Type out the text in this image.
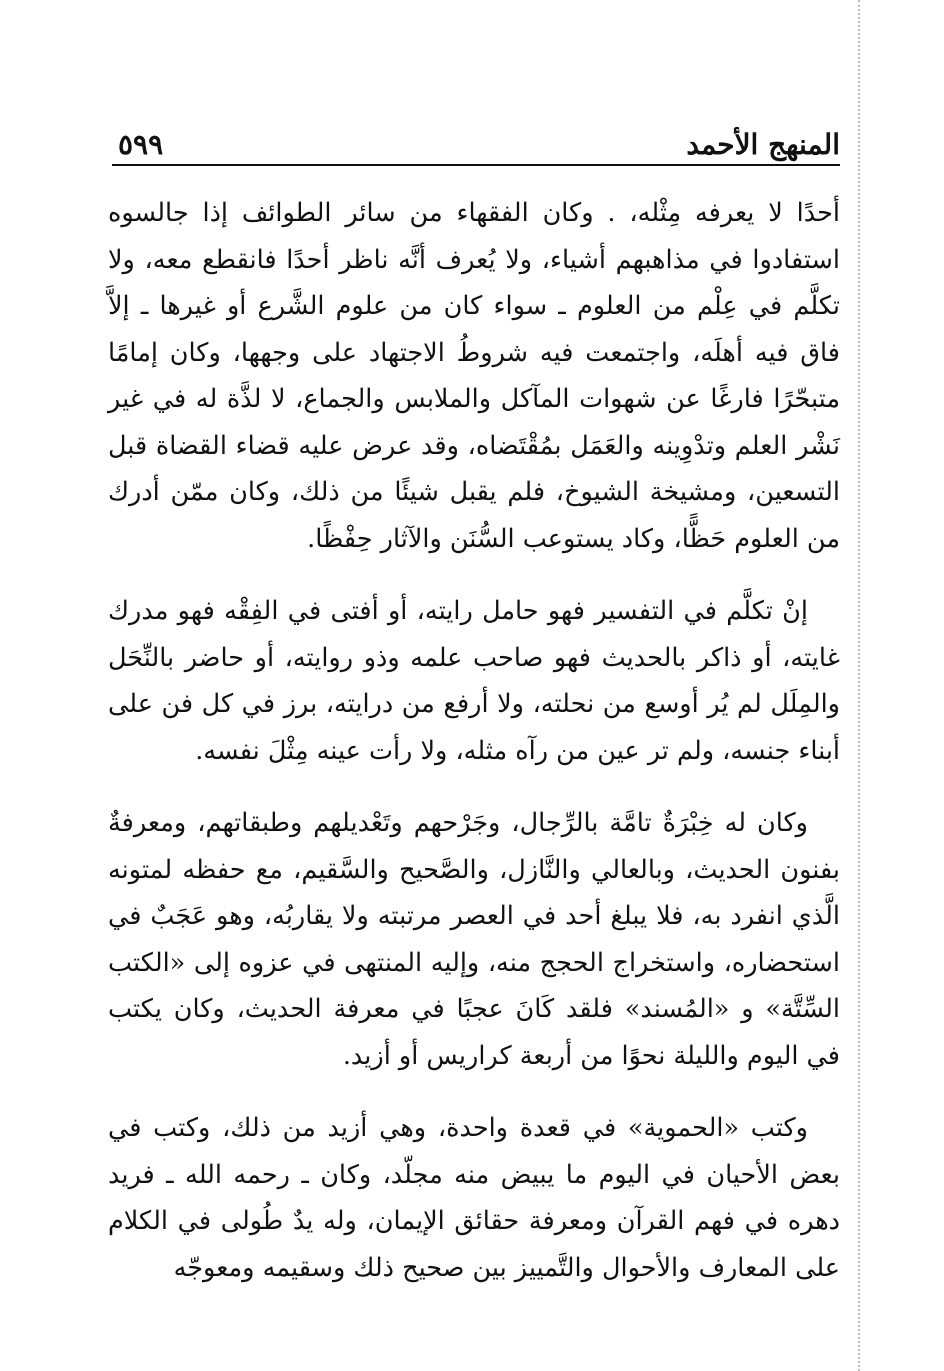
المنهج الأحمد
٥٩٩

أحدًا لا يعرفه مِثْله، . وكان الفقهاء من سائر الطوائف إذا جالسوه استفادوا في مذاهبهم أشياء، ولا يُعرف أنَّه ناظر أحدًا فانقطع معه، ولا تكلَّم في عِلْم من العلوم ـ سواء كان من علوم الشَّرع أو غيرها ـ إلاَّ فاق فيه أهلَه، واجتمعت فيه شروطُ الاجتهاد على وجهها، وكان إمامًا متبحّرًا فارغًا عن شهوات المآكل والملابس والجماع، لا لذَّة له في غير نَشْر العلم وتدْوِينه والعَمَل بمُقْتَضاه، وقد عرض عليه قضاء القضاة قبل التسعين، ومشيخة الشيوخ، فلم يقبل شيئًا من ذلك، وكان ممّن أدرك من العلوم حَظًّا، وكاد يستوعب السُّنَن والآثار حِفْظًا.

إنْ تكلَّم في التفسير فهو حامل رايته، أو أفتى في الفِقْه فهو مدرك غايته، أو ذاكر بالحديث فهو صاحب علمه وذو روايته، أو حاضر بالنِّحَل والمِلَل لم يُر أوسع من نحلته، ولا أرفع من درايته، برز في كل فن على أبناء جنسه، ولم تر عين من رآه مثله، ولا رأت عينه مِثْلَ نفسه.

وكان له خِبْرَةٌ تامَّة بالرِّجال، وجَرْحهم وتَعْديلهم وطبقاتهم، ومعرفةٌ بفنون الحديث، وبالعالي والنَّازل، والصَّحيح والسَّقيم، مع حفظه لمتونه الَّذي انفرد به، فلا يبلغ أحد في العصر مرتبته ولا يقاربُه، وهو عَجَبٌ في استحضاره، واستخراج الحجج منه، وإليه المنتهى في عزوه إلى «الكتب السِّتَّة» و «المُسند» فلقد كَانَ عجبًا في معرفة الحديث، وكان يكتب في اليوم والليلة نحوًا من أربعة كراريس أو أزيد.

وكتب «الحموية» في قعدة واحدة، وهي أزيد من ذلك، وكتب في بعض الأحيان في اليوم ما يبيض منه مجلّد، وكان ـ رحمه الله ـ فريد دهره في فهم القرآن ومعرفة حقائق الإيمان، وله يدٌ طُولى في الكلام على المعارف والأحوال والتَّمييز بين صحيح ذلك وسقيمه ومعوجّه
